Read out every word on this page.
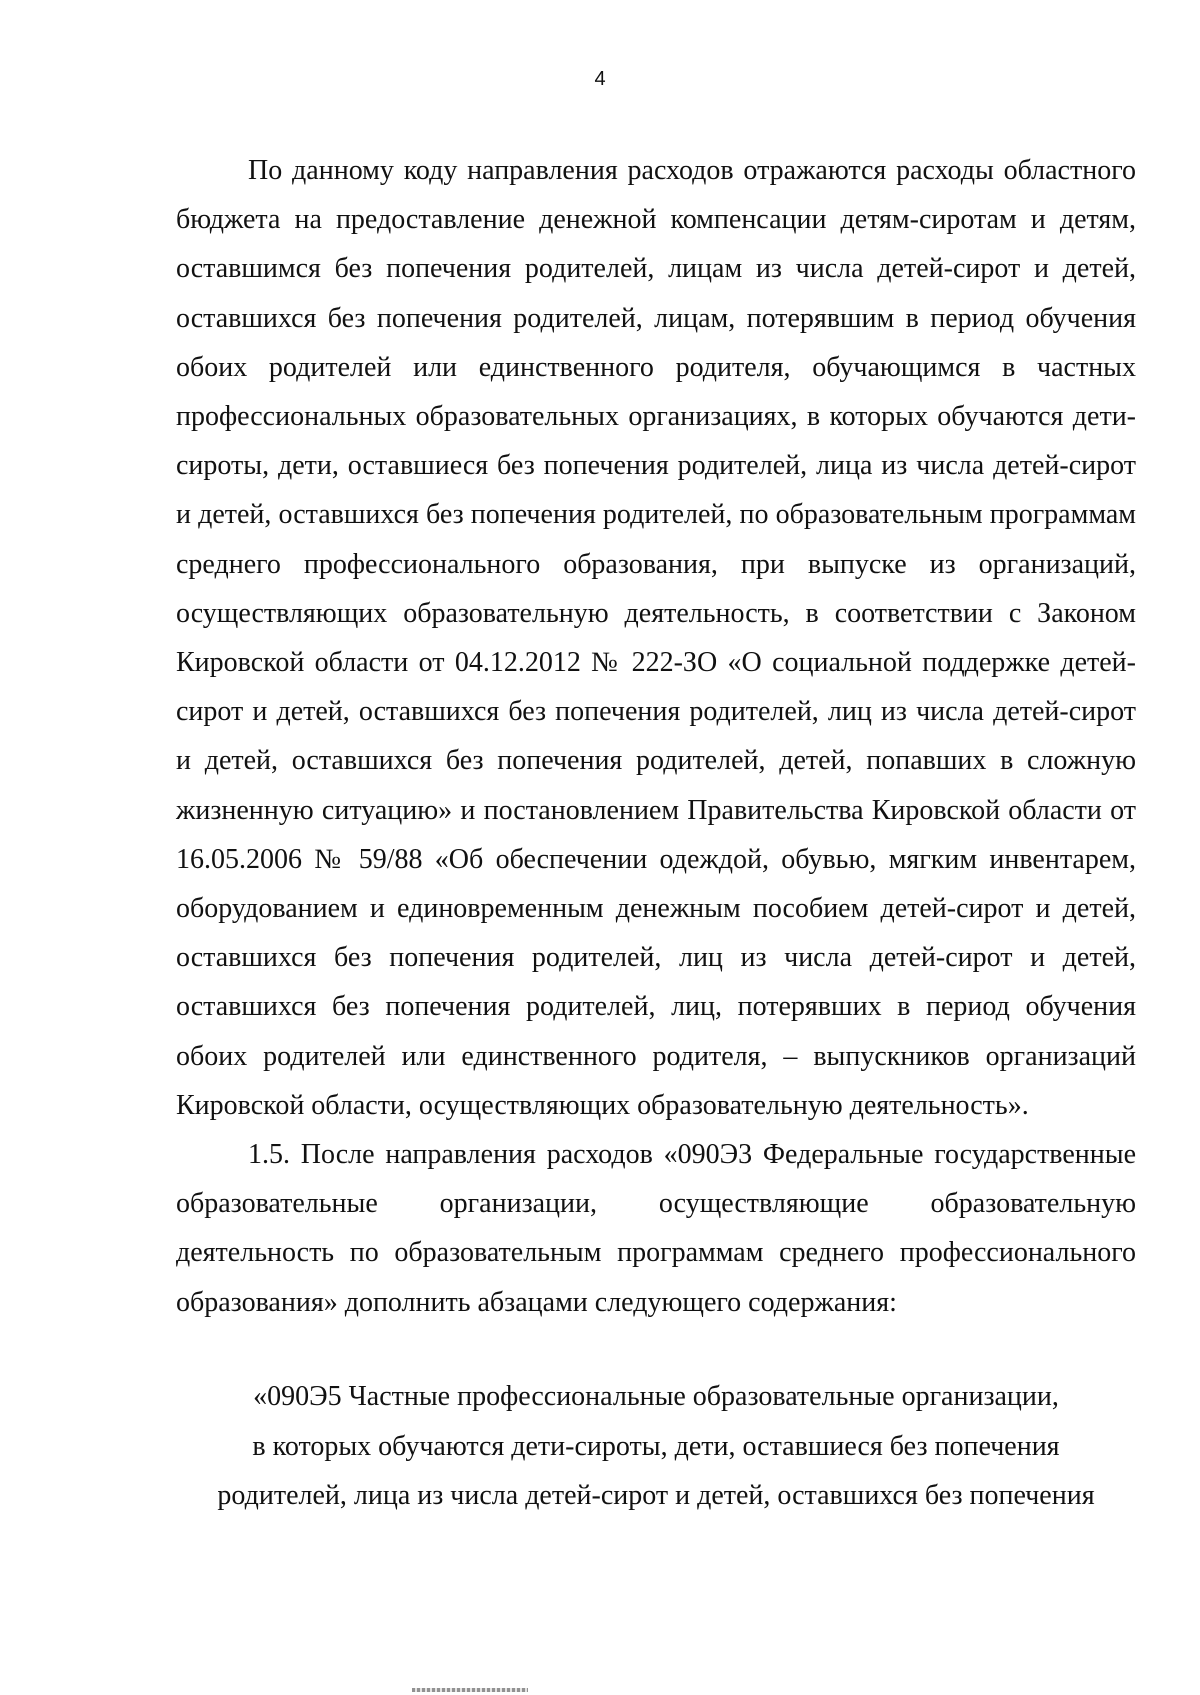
4

По данному коду направления расходов отражаются расходы областного бюджета на предоставление денежной компенсации детям-сиротам и детям, оставшимся без попечения родителей, лицам из числа детей-сирот и детей, оставшихся без попечения родителей, лицам, потерявшим в период обучения обоих родителей или единственного родителя, обучающимся в частных профессиональных образовательных организациях, в которых обучаются дети-сироты, дети, оставшиеся без попечения родителей, лица из числа детей-сирот и детей, оставшихся без попечения родителей, по образовательным программам среднего профессионального образования, при выпуске из организаций, осуществляющих образовательную деятельность, в соответствии с Законом Кировской области от 04.12.2012 № 222-ЗО «О социальной поддержке детей-сирот и детей, оставшихся без попечения родителей, лиц из числа детей-сирот и детей, оставшихся без попечения родителей, детей, попавших в сложную жизненную ситуацию» и постановлением Правительства Кировской области от 16.05.2006 № 59/88 «Об обеспечении одеждой, обувью, мягким инвентарем, оборудованием и единовременным денежным пособием детей-сирот и детей, оставшихся без попечения родителей, лиц из числа детей-сирот и детей, оставшихся без попечения родителей, лиц, потерявших в период обучения обоих родителей или единственного родителя, – выпускников организаций Кировской области, осуществляющих образовательную деятельность».

1.5. После направления расходов «090Э3 Федеральные государственные образовательные организации, осуществляющие образовательную деятельность по образовательным программам среднего профессионального образования» дополнить абзацами следующего содержания:

«090Э5 Частные профессиональные образовательные организации,
в которых обучаются дети-сироты, дети, оставшиеся без попечения
родителей, лица из числа детей-сирот и детей, оставшихся без попечения
